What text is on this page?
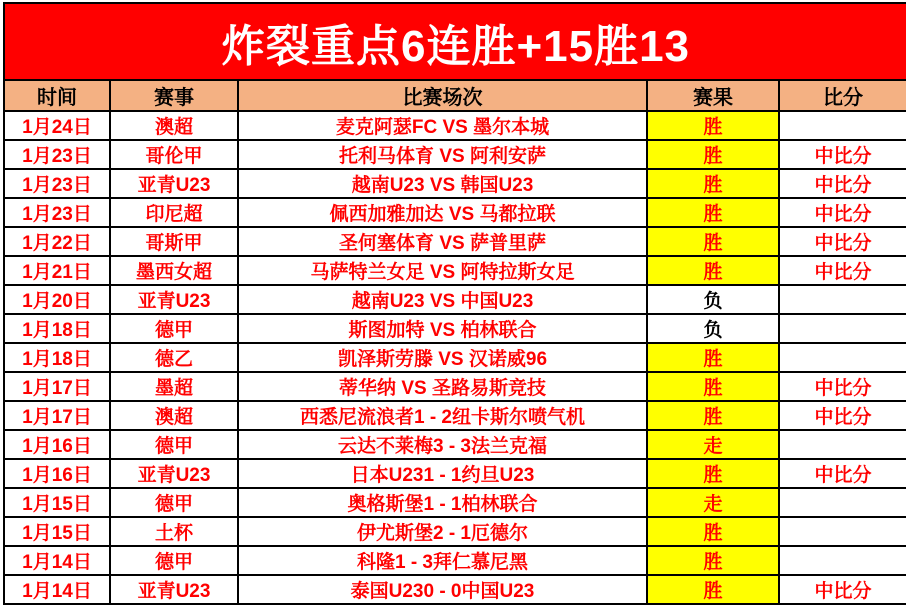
炸裂重点6连胜+15胜13				
时间	赛事	比赛场次	赛果	比分
1月24日	澳超	麦克阿瑟FC VS 墨尔本城	胜	
1月23日	哥伦甲	托利马体育 VS 阿利安萨	胜	中比分
1月23日	亚青U23	越南U23 VS 韩国U23	胜	中比分
1月23日	印尼超	佩西加雅加达 VS 马都拉联	胜	中比分
1月22日	哥斯甲	圣何塞体育 VS 萨普里萨	胜	中比分
1月21日	墨西女超	马萨特兰女足 VS 阿特拉斯女足	胜	中比分
1月20日	亚青U23	越南U23 VS 中国U23	负	
1月18日	德甲	斯图加特 VS 柏林联合	负	
1月18日	德乙	凯泽斯劳滕 VS 汉诺威96	胜	
1月17日	墨超	蒂华纳 VS 圣路易斯竞技	胜	中比分
1月17日	澳超	西悉尼流浪者1 - 2纽卡斯尔喷气机	胜	中比分
1月16日	德甲	云达不莱梅3 - 3法兰克福	走	
1月16日	亚青U23	日本U231 - 1约旦U23	胜	中比分
1月15日	德甲	奥格斯堡1 - 1柏林联合	走	
1月15日	土杯	伊尤斯堡2 - 1厄德尔	胜	
1月14日	德甲	科隆1 - 3拜仁慕尼黑	胜	
1月14日	亚青U23	泰国U230 - 0中国U23	胜	中比分
